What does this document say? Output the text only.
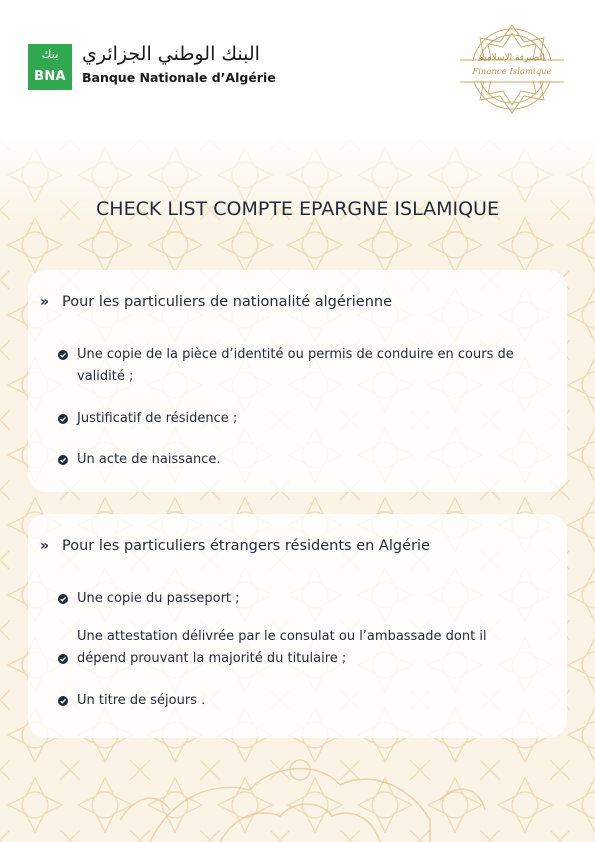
بنك
BNA
البنك الوطني الجزائري
Banque Nationale d’Algérie
الصيرفة الإسلامية
Finance Islamique
CHECK LIST COMPTE EPARGNE ISLAMIQUE
» Pour les particuliers de nationalité algérienne
Une copie de la pièce d’identité ou permis de conduire en cours de validité ;
Justificatif de résidence ;
Un acte de naissance.
» Pour les particuliers étrangers résidents en Algérie
Une copie du passeport ;
Une attestation délivrée par le consulat ou l’ambassade dont il dépend prouvant la majorité du titulaire ;
Un titre de séjours .
